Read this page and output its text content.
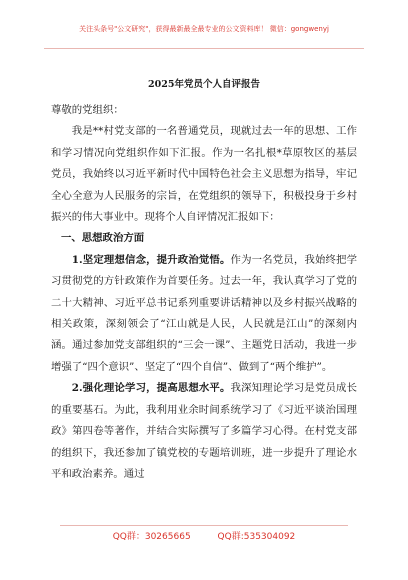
关注头条号"公文研究"，获得最新最全最专业的公文资料库！ 微信：gongwenyj
2025年党员个人自评报告

尊敬的党组织：

我是**村党支部的一名普通党员，现就过去一年的思想、工作和学习情况向党组织作如下汇报。作为一名扎根*草原牧区的基层党员，我始终以习近平新时代中国特色社会主义思想为指导，牢记全心全意为人民服务的宗旨，在党组织的领导下，积极投身于乡村振兴的伟大事业中。现将个人自评情况汇报如下：

一、思想政治方面

1.坚定理想信念，提升政治觉悟。作为一名党员，我始终把学习贯彻党的方针政策作为首要任务。过去一年，我认真学习了党的二十大精神、习近平总书记系列重要讲话精神以及乡村振兴战略的相关政策，深刻领会了“江山就是人民，人民就是江山”的深刻内涵。通过参加党支部组织的“三会一课”、主题党日活动，我进一步增强了“四个意识”、坚定了“四个自信”、做到了“两个维护”。

2.强化理论学习，提高思想水平。我深知理论学习是党员成长的重要基石。为此，我利用业余时间系统学习了《习近平谈治国理政》第四卷等著作，并结合实际撰写了多篇学习心得。在村党支部的组织下，我还参加了镇党校的专题培训班，进一步提升了理论水平和政治素养。通过

QQ群：30265665	QQ群:535304092
